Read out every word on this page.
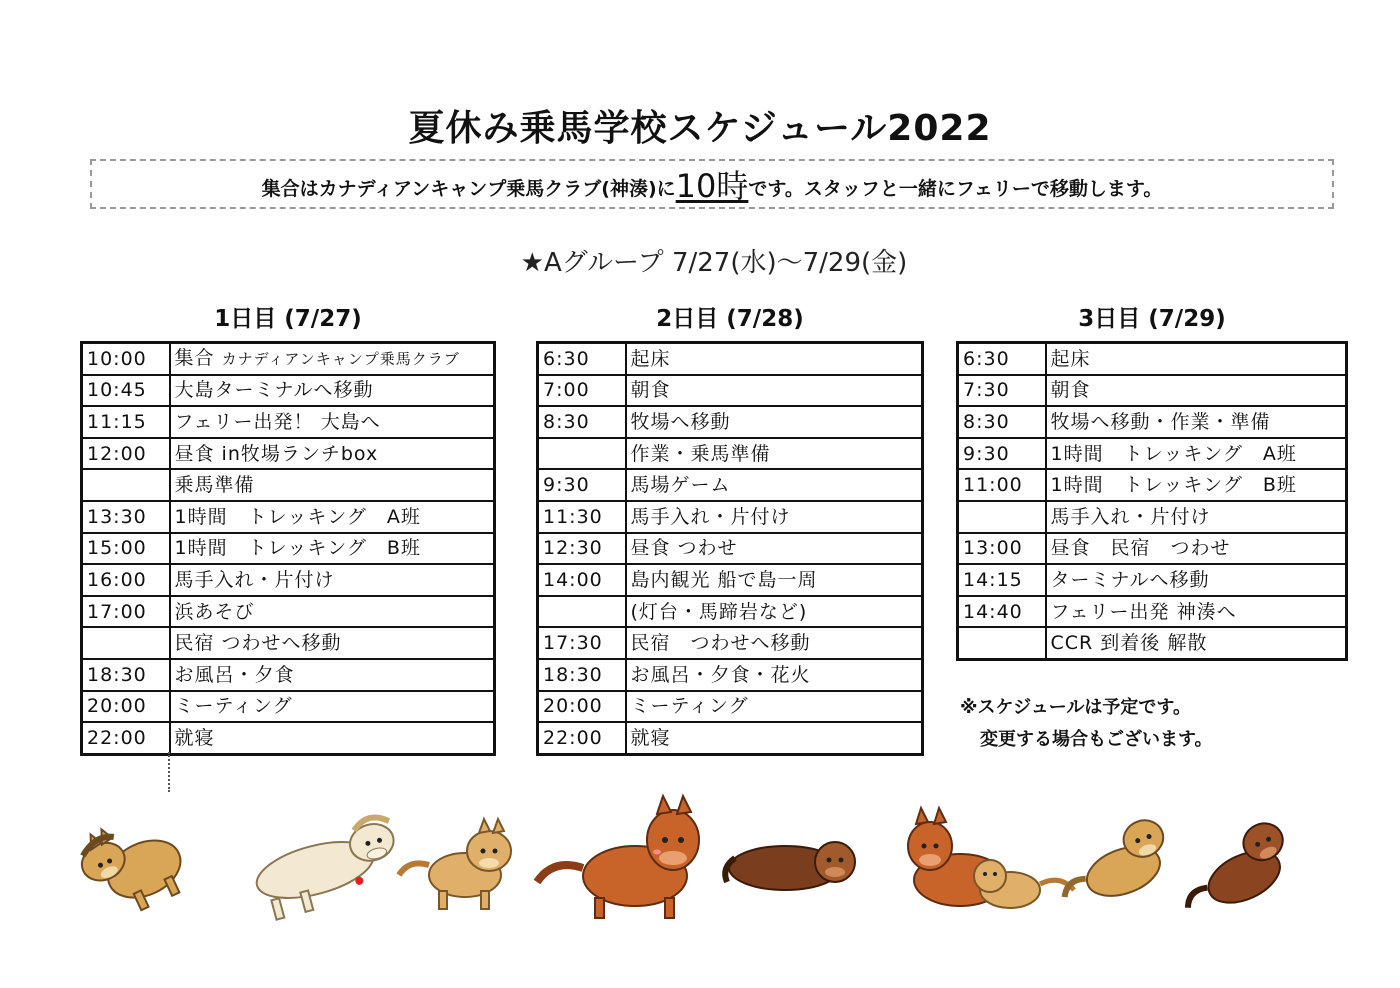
夏休み乗馬学校スケジュール2022
集合はカナディアンキャンプ乗馬クラブ(神湊)に10時です。スタッフと一緒にフェリーで移動します。
★Aグループ 7/27(水)～7/29(金)
1日目 (7/27)	2日目 (7/28)	3日目 (7/29)
10:00	集合 カナディアンキャンプ乗馬クラブ
10:45	大島ターミナルへ移動
11:15	フェリー出発！ 大島へ
12:00	昼食 in牧場ランチbox
	乗馬準備
13:30	1時間　トレッキング　A班
15:00	1時間　トレッキング　B班
16:00	馬手入れ・片付け
17:00	浜あそび
	民宿 つわせへ移動
18:30	お風呂・夕食
20:00	ミーティング
22:00	就寝
6:30	起床
7:00	朝食
8:30	牧場へ移動
	作業・乗馬準備
9:30	馬場ゲーム
11:30	馬手入れ・片付け
12:30	昼食 つわせ
14:00	島内観光 船で島一周
	(灯台・馬蹄岩など)
17:30	民宿　つわせへ移動
18:30	お風呂・夕食・花火
20:00	ミーティング
22:00	就寝
6:30	起床
7:30	朝食
8:30	牧場へ移動・作業・準備
9:30	1時間　トレッキング　A班
11:00	1時間　トレッキング　B班
	馬手入れ・片付け
13:00	昼食　民宿　つわせ
14:15	ターミナルへ移動
14:40	フェリー出発 神湊へ
	CCR 到着後 解散
※スケジュールは予定です。
変更する場合もございます。
